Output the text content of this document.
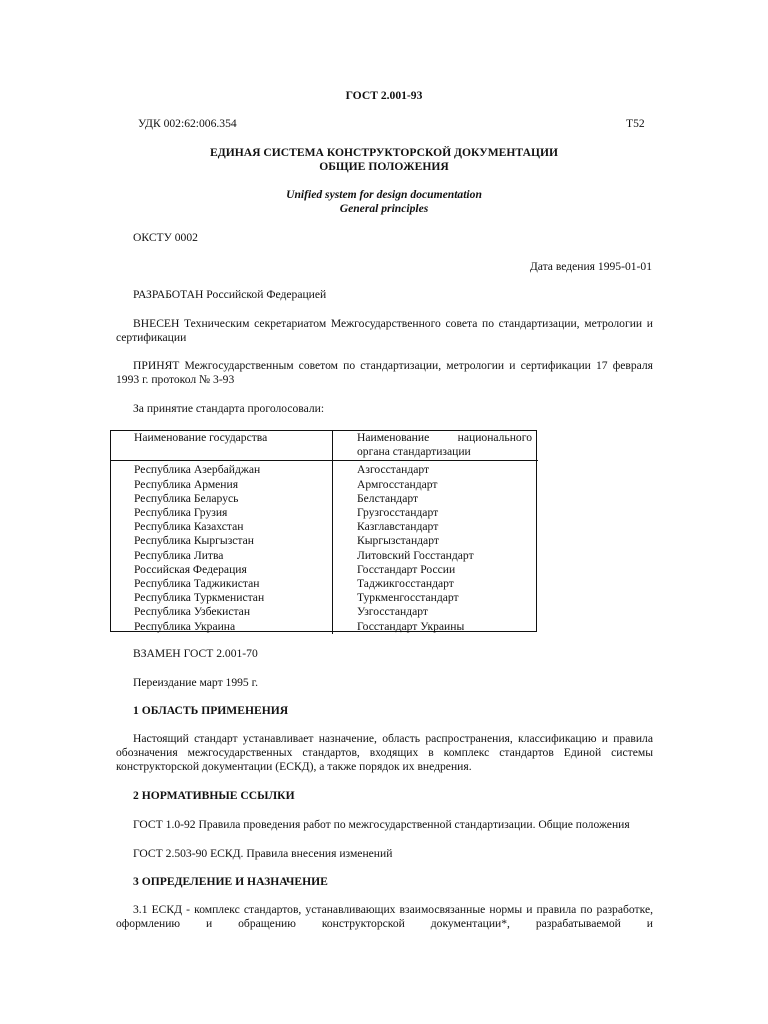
ГОСТ 2.001-93
УДК 002:62:006.354	Т52
ЕДИНАЯ СИСТЕМА КОНСТРУКТОРСКОЙ ДОКУМЕНТАЦИИ
ОБЩИЕ ПОЛОЖЕНИЯ
Unified system for design documentation
General principles
ОКСТУ 0002
Дата ведения 1995-01-01
РАЗРАБОТАН Российской Федерацией
ВНЕСЕН Техническим секретариатом Межгосударственного совета по стандартизации, метрологии и сертификации
ПРИНЯТ Межгосударственным советом по стандартизации, метрологии и сертификации 17 февраля 1993 г. протокол № 3-93
За принятие стандарта проголосовали:
Наименование государства	Наименование национального
органа стандартизации

Республика Азербайджан	Азгосстандарт
Республика Армения	Армгосстандарт
Республика Беларусь	Белстандарт
Республика Грузия	Грузгосстандарт
Республика Казахстан	Казглавстандарт
Республика Кыргызстан	Кыргызстандарт
Республика Литва	Литовский Госстандарт
Российская Федерация	Госстандарт России
Республика Таджикистан	Таджикгосстандарт
Республика Туркменистан	Туркменгосстандарт
Республика Узбекистан	Узгосстандарт
Республика Украина	Госстандарт Украины
ВЗАМЕН ГОСТ 2.001-70
Переиздание март 1995 г.
1 ОБЛАСТЬ ПРИМЕНЕНИЯ
Настоящий стандарт устанавливает назначение, область распространения, классификацию и правила обозначения межгосударственных стандартов, входящих в комплекс стандартов Единой системы конструкторской документации (ЕСКД), а также порядок их внедрения.
2 НОРМАТИВНЫЕ ССЫЛКИ
ГОСТ 1.0-92 Правила проведения работ по межгосударственной стандартизации. Общие положения
ГОСТ 2.503-90 ЕСКД. Правила внесения изменений
3 ОПРЕДЕЛЕНИЕ И НАЗНАЧЕНИЕ
3.1 ЕСКД - комплекс стандартов, устанавливающих взаимосвязанные нормы и правила по разработке, оформлению и обращению конструкторской документации*, разрабатываемой и
